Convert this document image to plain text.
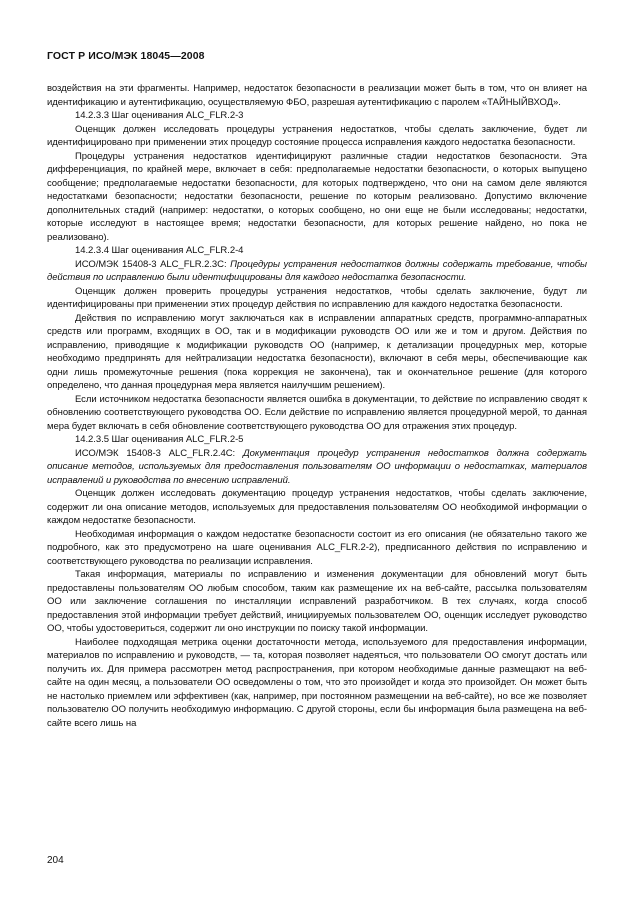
ГОСТ Р ИСО/МЭК 18045—2008

воздействия на эти фрагменты. Например, недостаток безопасности в реализации может быть в том, что он влияет на идентификацию и аутентификацию, осуществляемую ФБО, разрешая аутентификацию с паролем «ТАЙНЫЙВХОД».

14.2.3.3 Шаг оценивания ALC_FLR.2-3

Оценщик должен исследовать процедуры устранения недостатков, чтобы сделать заключение, будет ли идентифицировано при применении этих процедур состояние процесса исправления каждого недостатка безопасности.

Процедуры устранения недостатков идентифицируют различные стадии недостатков безопасности. Эта дифференциация, по крайней мере, включает в себя: предполагаемые недостатки безопасности, о которых выпущено сообщение; предполагаемые недостатки безопасности, для которых подтверждено, что они на самом деле являются недостатками безопасности; недостатки безопасности, решение по которым реализовано. Допустимо включение дополнительных стадий (например: недостатки, о которых сообщено, но они еще не были исследованы; недостатки, которые исследуют в настоящее время; недостатки безопасности, для которых решение найдено, но пока не реализовано).

14.2.3.4 Шаг оценивания ALC_FLR.2-4

ИСО/МЭК 15408-3 ALC_FLR.2.3С: Процедуры устранения недостатков должны содержать требование, чтобы действия по исправлению были идентифицированы для каждого недостатка безопасности.

Оценщик должен проверить процедуры устранения недостатков, чтобы сделать заключение, будут ли идентифицированы при применении этих процедур действия по исправлению для каждого недостатка безопасности.

Действия по исправлению могут заключаться как в исправлении аппаратных средств, программно-аппаратных средств или программ, входящих в ОО, так и в модификации руководств ОО или же и том и другом. Действия по исправлению, приводящие к модификации руководств ОО (например, к детализации процедурных мер, которые необходимо предпринять для нейтрализации недостатка безопасности), включают в себя меры, обеспечивающие как одни лишь промежуточные решения (пока коррекция не закончена), так и окончательное решение (для которого определено, что данная процедурная мера является наилучшим решением).

Если источником недостатка безопасности является ошибка в документации, то действие по исправлению сводят к обновлению соответствующего руководства ОО. Если действие по исправлению является процедурной мерой, то данная мера будет включать в себя обновление соответствующего руководства ОО для отражения этих процедур.

14.2.3.5 Шаг оценивания ALC_FLR.2-5

ИСО/МЭК 15408-3 ALC_FLR.2.4С: Документация процедур устранения недостатков должна содержать описание методов, используемых для предоставления пользователям ОО информации о недостатках, материалов исправлений и руководства по внесению исправлений.

Оценщик должен исследовать документацию процедур устранения недостатков, чтобы сделать заключение, содержит ли она описание методов, используемых для предоставления пользователям ОО необходимой информации о каждом недостатке безопасности.

Необходимая информация о каждом недостатке безопасности состоит из его описания (не обязательно такого же подробного, как это предусмотрено на шаге оценивания ALC_FLR.2-2), предписанного действия по исправлению и соответствующего руководства по реализации исправления.

Такая информация, материалы по исправлению и изменения документации для обновлений могут быть предоставлены пользователям ОО любым способом, таким как размещение их на веб-сайте, рассылка пользователям ОО или заключение соглашения по инсталляции исправлений разработчиком. В тех случаях, когда способ предоставления этой информации требует действий, инициируемых пользователем ОО, оценщик исследует руководство ОО, чтобы удостовериться, содержит ли оно инструкции по поиску такой информации.

Наиболее подходящая метрика оценки достаточности метода, используемого для предоставления информации, материалов по исправлению и руководств, — та, которая позволяет надеяться, что пользователи ОО смогут достать или получить их. Для примера рассмотрен метод распространения, при котором необходимые данные размещают на веб-сайте на один месяц, а пользователи ОО осведомлены о том, что это произойдет и когда это произойдет. Он может быть не настолько приемлем или эффективен (как, например, при постоянном размещении на веб-сайте), но все же позволяет пользователю ОО получить необходимую информацию. С другой стороны, если бы информация была размещена на веб-сайте всего лишь на

204
